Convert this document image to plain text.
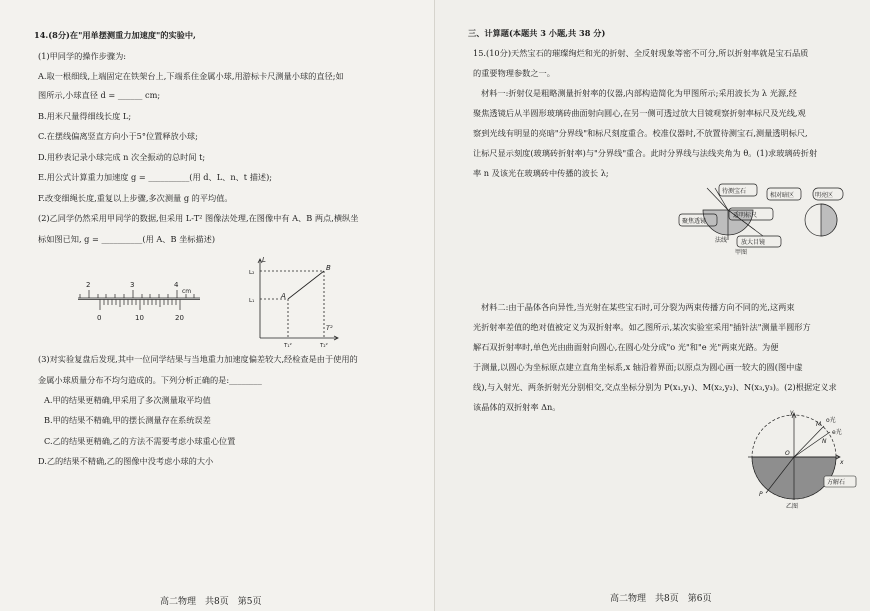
14.(8分)在"用单摆测重力加速度"的实验中,
(1)甲同学的操作步骤为:
A.取一根细线,上端固定在铁架台上,下端系住金属小球,用游标卡尺测量小球的直径;如
图所示,小球直径 d = ______ cm;
B.用米尺量得细线长度 L;
C.在摆线偏离竖直方向小于5°位置释放小球;
D.用秒表记录小球完成 n 次全振动的总时间 t;
E.用公式计算重力加速度 g = __________(用 d、L、n、t 描述);
F.改变细绳长度,重复以上步骤,多次测量 g 的平均值。
(2)乙同学仍然采用甲同学的数据,但采用 L-T² 图像法处理,在图像中有 A、B 两点,横纵坐
标如图已知, g = __________(用 A、B 坐标描述)
2	3	4
cm
0	10	20
L
T²
A
B
L₂
L₁
T₁²	T₂²
(3)对实验复盘后发现,其中一位同学结果与当地重力加速度偏差较大,经检查是由于使用的
金属小球质量分布不均匀造成的。下列分析正确的是:________
A.甲的结果更精确,甲采用了多次测量取平均值
B.甲的结果不精确,甲的摆长测量存在系统误差
C.乙的结果更精确,乙的方法不需要考虑小球重心位置
D.乙的结果不精确,乙的图像中没考虑小球的大小
高二物理　共8页　第5页
三、计算题(本题共 3 小题,共 38 分)
15.(10分)天然宝石的璀璨绚烂和光的折射、全反射现象等密不可分,所以折射率就是宝石品质
的重要物理参数之一。
材料一:折射仪是粗略测量折射率的仪器,内部构造简化为甲图所示;采用波长为 λ 光源,经
聚焦透镜后从半圆形玻璃砖曲面射向圆心,在另一侧可透过放大目镜观察折射率标尺及光线,观
察到光线有明显的亮暗"分界线"和标尺刻度重合。校准仪器时,不放置待测宝石,测量透明标尺,
让标尺显示刻度(玻璃砖折射率)与"分界线"重合。此时分界线与法线夹角为 θ。(1)求玻璃砖折射
率 n 及该光在玻璃砖中传播的波长 λ;
待测宝石
相对暗区	明亮区
聚焦透镜
透明标尺
放大目镜
法线
甲图
材料二:由于晶体各向异性,当光射在某些宝石时,可分裂为两束传播方向不同的光,这两束
光折射率差值的绝对值被定义为双折射率。如乙图所示,某次实验室采用"插针法"测量半圆形方
解石双折射率时,单色光由曲面射向圆心,在圆心处分成"o 光"和"e 光"两束光路。为便
于测量,以圆心为坐标原点建立直角坐标系,x 轴沿着界面;以原点为圆心画一较大的圆(图中虚
线),与入射光、两条折射光分别相交,交点坐标分别为 P(x₁,y₁)、M(x₂,y₂)、N(x₃,y₃)。(2)根据定义求
该晶体的双折射率 Δn。
y
x
O
o光
e光
M
N
P
方解石
乙图
高二物理　共8页　第6页
